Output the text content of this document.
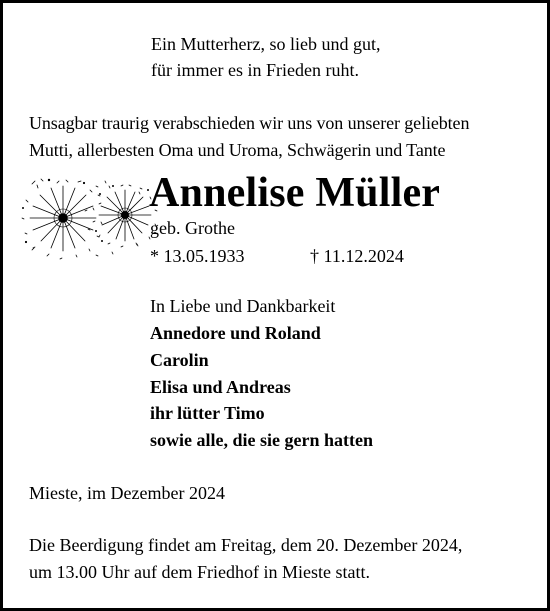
Ein Mutterherz, so lieb und gut,
für immer es in Frieden ruht.
Unsagbar traurig verabschieden wir uns von unserer geliebten
Mutti, allerbesten Oma und Uroma, Schwägerin und Tante
Annelise Müller
geb. Grothe
* 13.05.1933	† 11.12.2024
In Liebe und Dankbarkeit
Annedore und Roland
Carolin
Elisa und Andreas
ihr lütter Timo
sowie alle, die sie gern hatten
Mieste, im Dezember 2024
Die Beerdigung findet am Freitag, dem 20. Dezember 2024,
um 13.00 Uhr auf dem Friedhof in Mieste statt.
